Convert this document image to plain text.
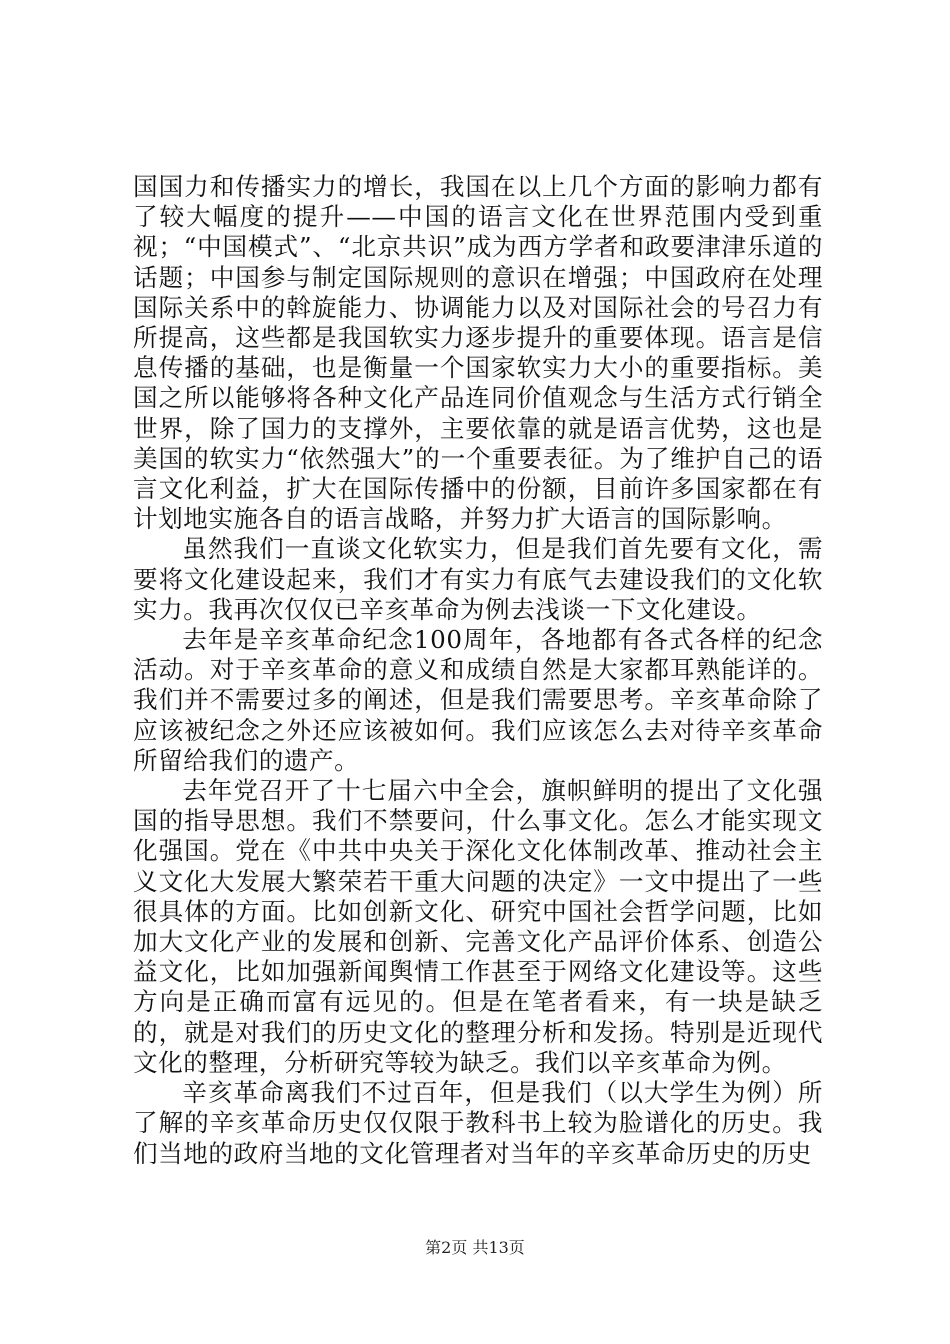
国国力和传播实力的增长，我国在以上几个方面的影响力都有了较大幅度的提升——中国的语言文化在世界范围内受到重视；“中国模式”、“北京共识”成为西方学者和政要津津乐道的话题；中国参与制定国际规则的意识在增强；中国政府在处理国际关系中的斡旋能力、协调能力以及对国际社会的号召力有所提高，这些都是我国软实力逐步提升的重要体现。语言是信息传播的基础，也是衡量一个国家软实力大小的重要指标。美国之所以能够将各种文化产品连同价值观念与生活方式行销全世界，除了国力的支撑外，主要依靠的就是语言优势，这也是美国的软实力“依然强大”的一个重要表征。为了维护自己的语言文化利益，扩大在国际传播中的份额，目前许多国家都在有计划地实施各自的语言战略，并努力扩大语言的国际影响。

虽然我们一直谈文化软实力，但是我们首先要有文化，需要将文化建设起来，我们才有实力有底气去建设我们的文化软实力。我再次仅仅已辛亥革命为例去浅谈一下文化建设。

去年是辛亥革命纪念100周年，各地都有各式各样的纪念活动。对于辛亥革命的意义和成绩自然是大家都耳熟能详的。我们并不需要过多的阐述，但是我们需要思考。辛亥革命除了应该被纪念之外还应该被如何。我们应该怎么去对待辛亥革命所留给我们的遗产。

去年党召开了十七届六中全会，旗帜鲜明的提出了文化强国的指导思想。我们不禁要问，什么事文化。怎么才能实现文化强国。党在《中共中央关于深化文化体制改革、推动社会主义文化大发展大繁荣若干重大问题的决定》一文中提出了一些很具体的方面。比如创新文化、研究中国社会哲学问题，比如加大文化产业的发展和创新、完善文化产品评价体系、创造公益文化，比如加强新闻舆情工作甚至于网络文化建设等。这些方向是正确而富有远见的。但是在笔者看来，有一块是缺乏的，就是对我们的历史文化的整理分析和发扬。特别是近现代文化的整理，分析研究等较为缺乏。我们以辛亥革命为例。

辛亥革命离我们不过百年，但是我们（以大学生为例）所了解的辛亥革命历史仅仅限于教科书上较为脸谱化的历史。我们当地的政府当地的文化管理者对当年的辛亥革命历史的历史

第2页 共13页
